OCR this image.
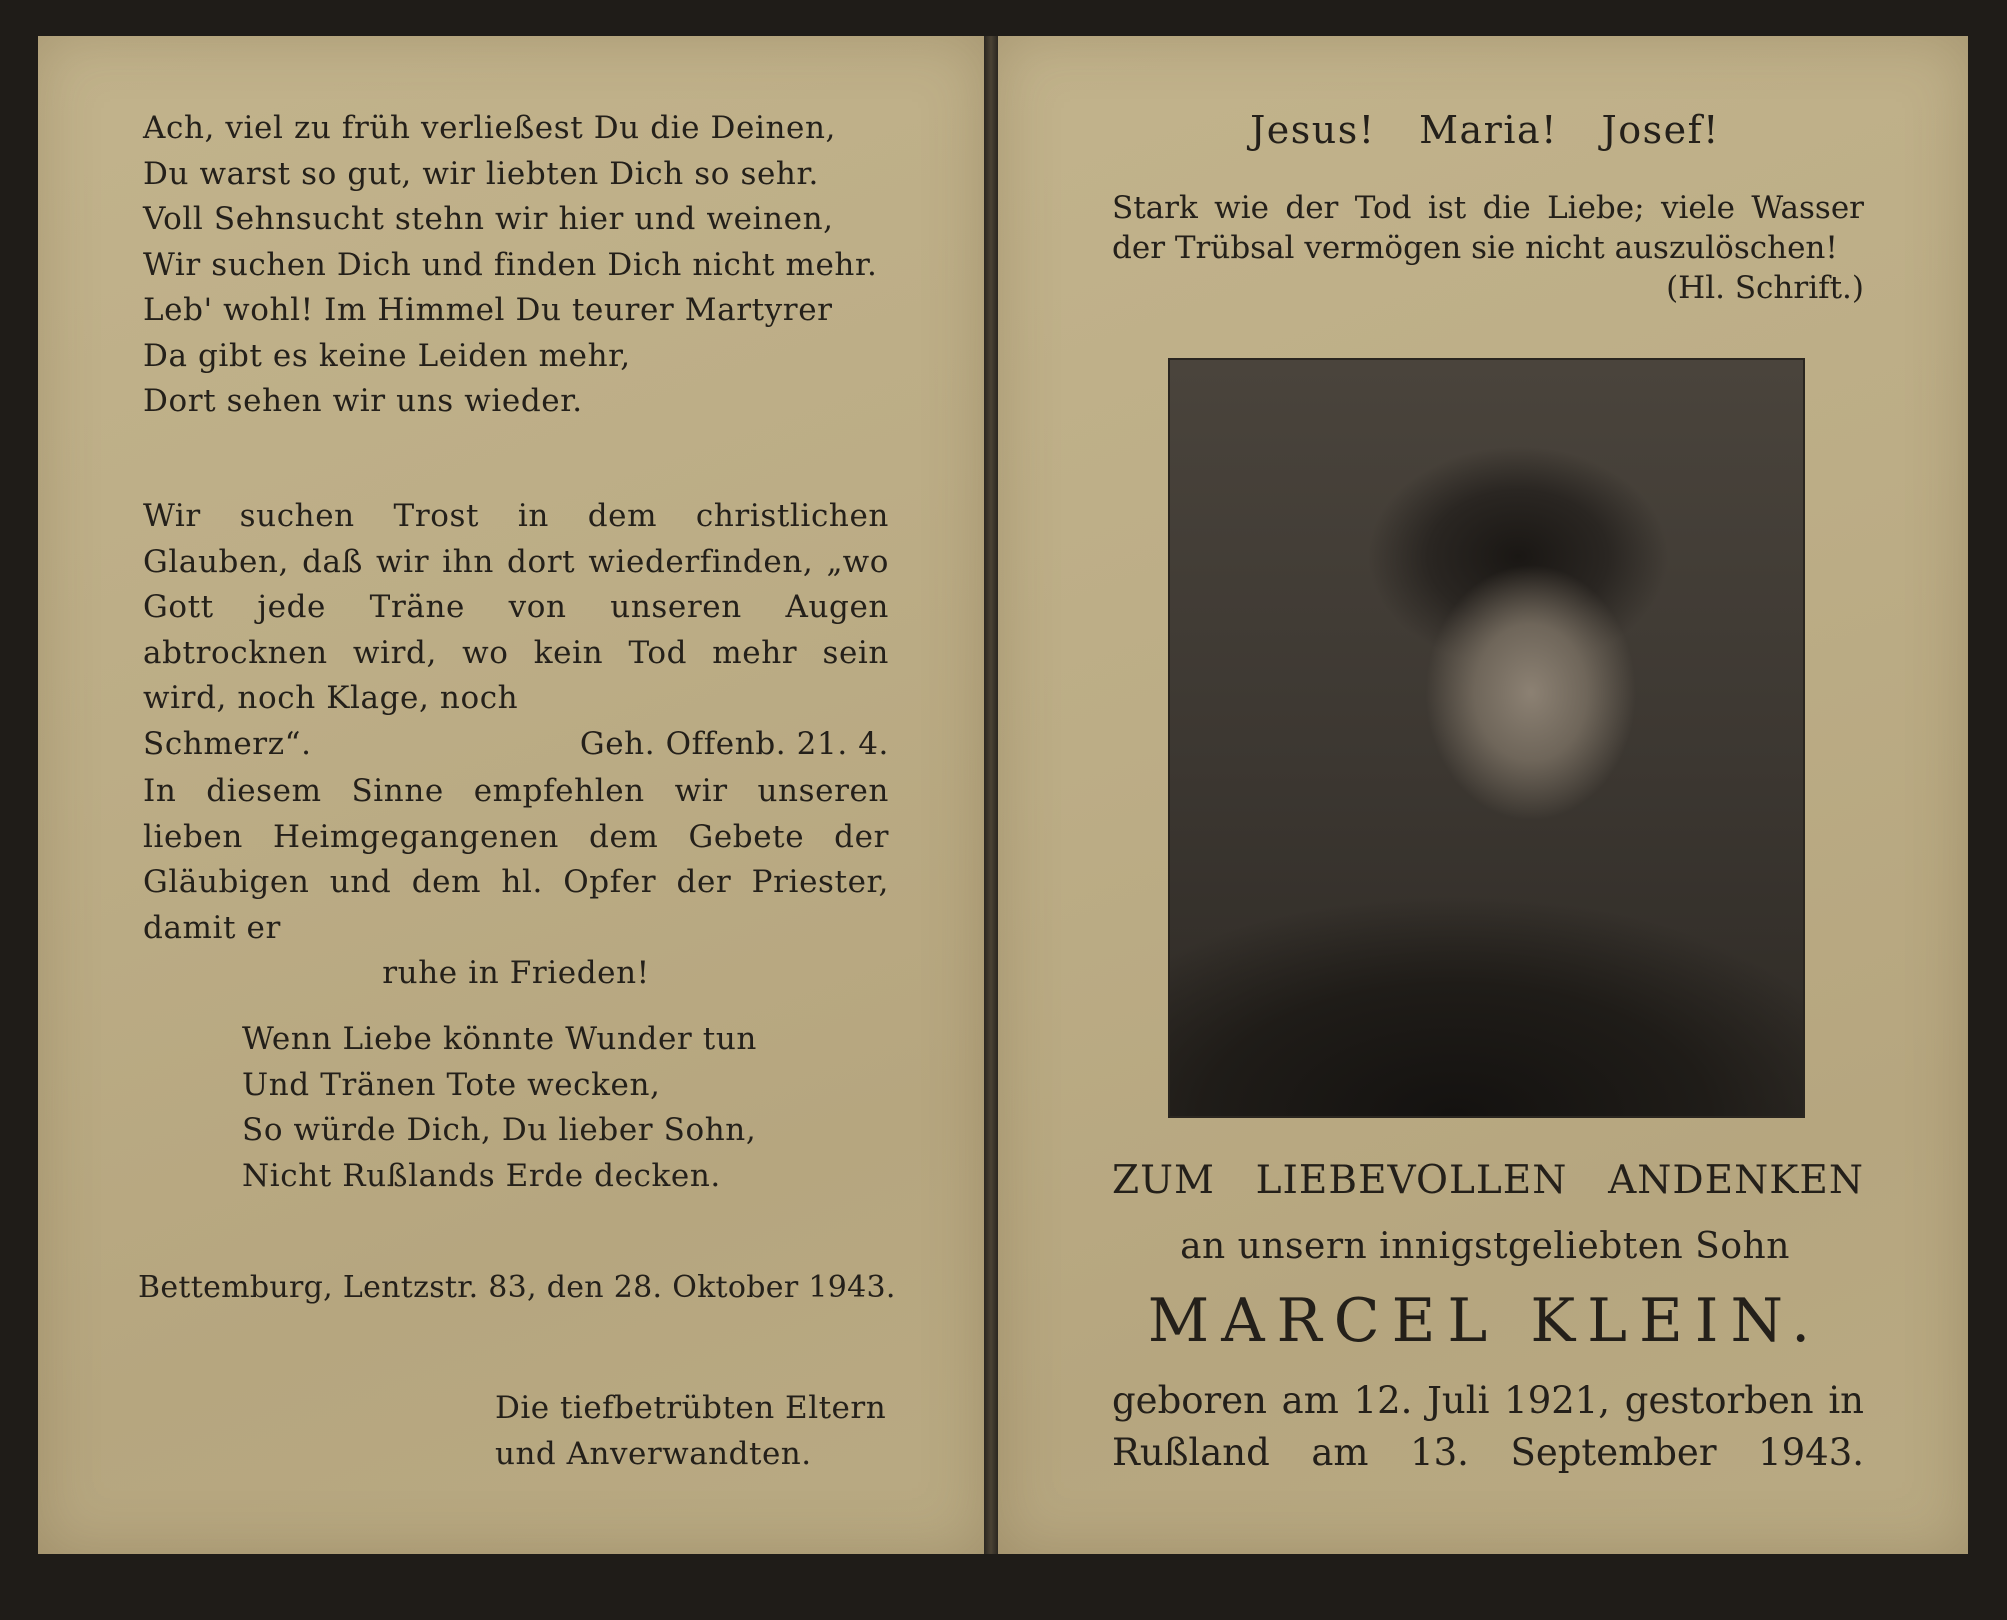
Ach, viel zu früh verließest Du die Deinen,
Du warst so gut, wir liebten Dich so sehr.
Voll Sehnsucht stehn wir hier und weinen,
Wir suchen Dich und finden Dich nicht mehr.
Leb' wohl! Im Himmel Du teurer Martyrer
Da gibt es keine Leiden mehr,
Dort sehen wir uns wieder.
Wir suchen Trost in dem christlichen Glauben, daß wir ihn dort wiederfinden, „wo Gott jede Träne von unseren Augen abtrocknen wird, wo kein Tod mehr sein wird, noch Klage, noch
Schmerz“.	Geh. Offenb. 21. 4.
In diesem Sinne empfehlen wir unseren lieben Heimgegangenen dem Gebete der Gläubigen und dem hl. Opfer der Priester, damit er
ruhe in Frieden!
Wenn Liebe könnte Wunder tun
Und Tränen Tote wecken,
So würde Dich, Du lieber Sohn,
Nicht Rußlands Erde decken.
Bettemburg, Lentzstr. 83, den 28. Oktober 1943.
Die tiefbetrübten Eltern
und Anverwandten.
Jesus! Maria! Josef!
Stark wie der Tod ist die Liebe; viele Wasser der Trübsal vermögen sie nicht auszulöschen!
(Hl. Schrift.)
ZUM LIEBEVOLLEN ANDENKEN
an unsern innigstgeliebten Sohn
MARCEL KLEIN.
geboren am 12. Juli 1921, gestorben in Rußland am 13. September 1943.
